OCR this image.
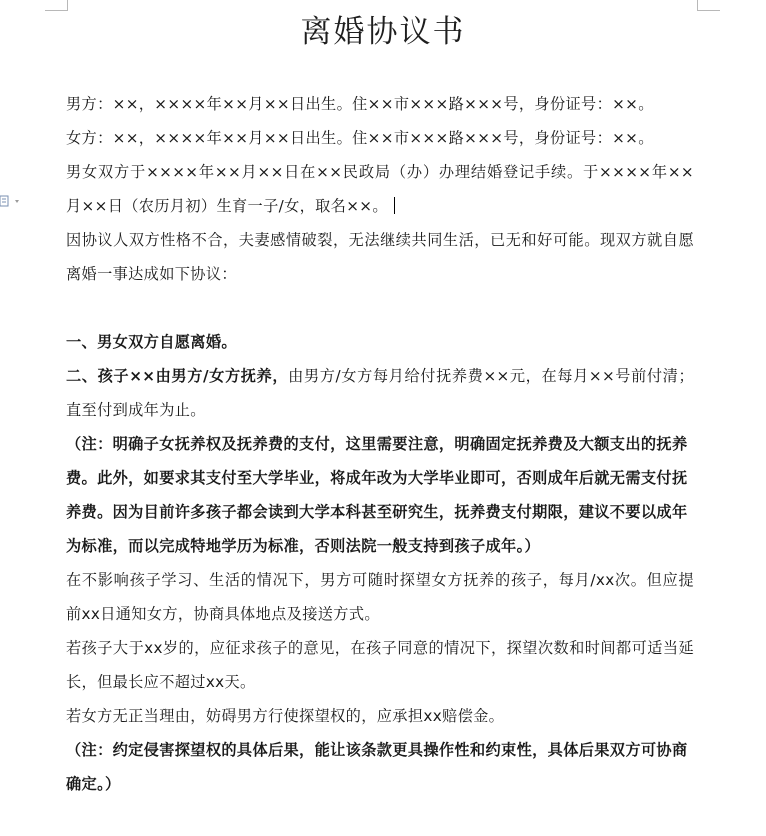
离婚协议书

男方：××，××××年××月××日出生。住××市×××路×××号，身份证号：××。

女方：××，××××年××月××日出生。住××市×××路×××号，身份证号：××。

男女双方于××××年××月××日在××民政局（办）办理结婚登记手续。于××××年××月××日（农历月初）生育一子/女，取名××。

因协议人双方性格不合，夫妻感情破裂，无法继续共同生活，已无和好可能。现双方就自愿离婚一事达成如下协议：

一、男女双方自愿离婚。

二、孩子××由男方/女方抚养，由男方/女方每月给付抚养费××元，在每月××号前付清；直至付到成年为止。

（注：明确子女抚养权及抚养费的支付，这里需要注意，明确固定抚养费及大额支出的抚养费。此外，如要求其支付至大学毕业，将成年改为大学毕业即可，否则成年后就无需支付抚养费。因为目前许多孩子都会读到大学本科甚至研究生，抚养费支付期限，建议不要以成年为标准，而以完成特地学历为标准，否则法院一般支持到孩子成年。）

在不影响孩子学习、生活的情况下，男方可随时探望女方抚养的孩子，每月/xx次。但应提前xx日通知女方，协商具体地点及接送方式。

若孩子大于xx岁的，应征求孩子的意见，在孩子同意的情况下，探望次数和时间都可适当延长，但最长应不超过xx天。

若女方无正当理由，妨碍男方行使探望权的，应承担xx赔偿金。

（注：约定侵害探望权的具体后果，能让该条款更具操作性和约束性，具体后果双方可协商确定。）
